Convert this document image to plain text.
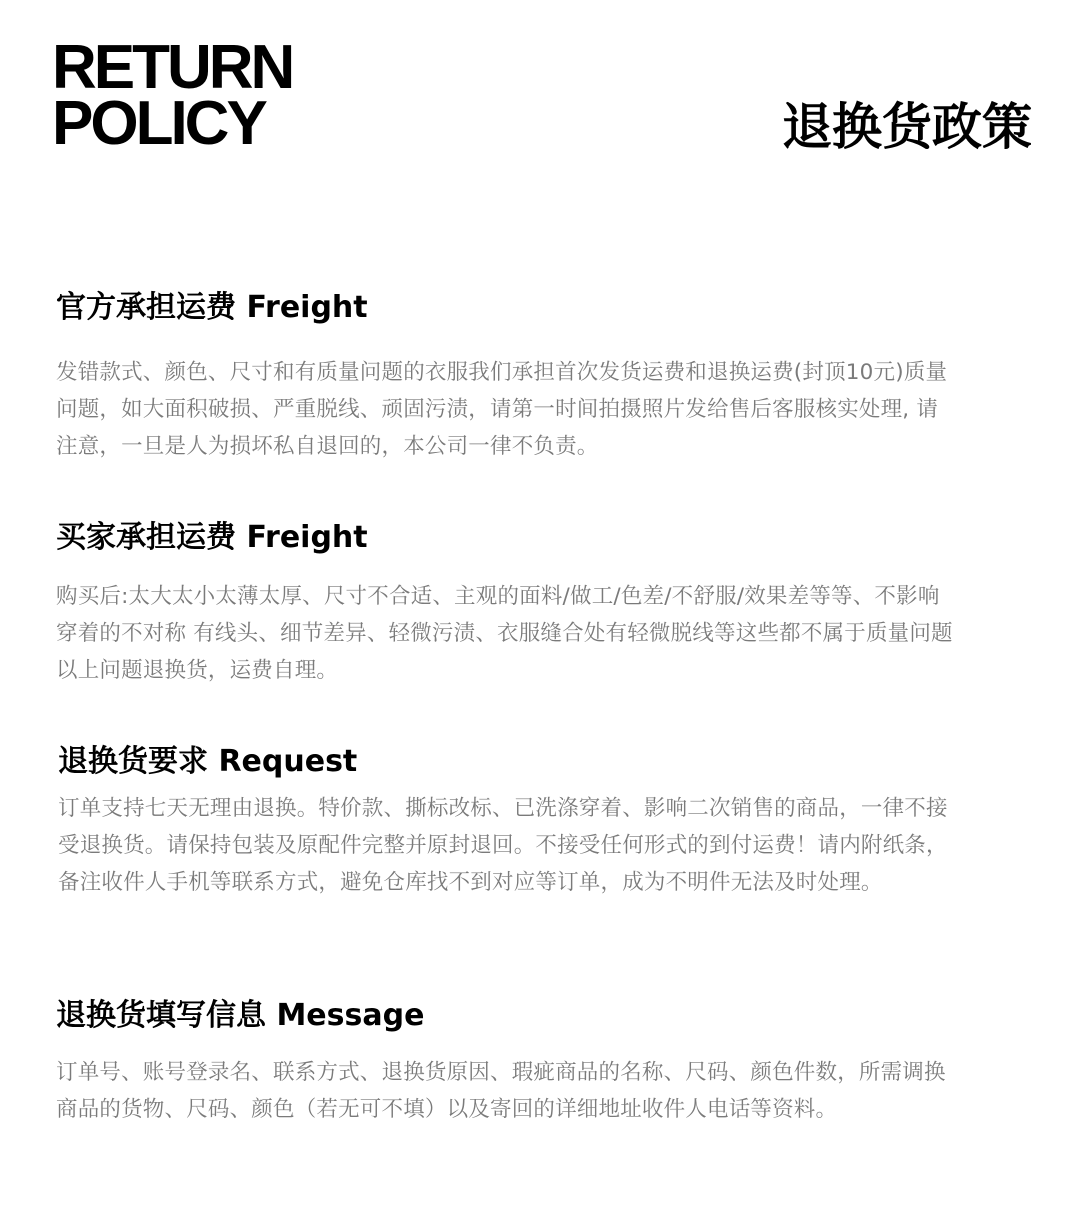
RETURN
POLICY	退换货政策
官方承担运费 Freight

发错款式、颜色、尺寸和有质量问题的衣服我们承担首次发货运费和退换运费(封顶10元)质量
问题，如大面积破损、严重脱线、顽固污渍，请第一时间拍摄照片发给售后客服核实处理, 请
注意，一旦是人为损坏私自退回的，本公司一律不负责。

买家承担运费 Freight

购买后:太大太小太薄太厚、尺寸不合适、主观的面料/做工/色差/不舒服/效果差等等、不影响
穿着的不对称 有线头、细节差异、轻微污渍、衣服缝合处有轻微脱线等这些都不属于质量问题
以上问题退换货，运费自理。

退换货要求 Request

订单支持七天无理由退换。特价款、撕标改标、已洗涤穿着、影响二次销售的商品，一律不接
受退换货。请保持包装及原配件完整并原封退回。不接受任何形式的到付运费！请内附纸条，
备注收件人手机等联系方式，避免仓库找不到对应等订单，成为不明件无法及时处理。

退换货填写信息 Message

订单号、账号登录名、联系方式、退换货原因、瑕疵商品的名称、尺码、颜色件数，所需调换
商品的货物、尺码、颜色（若无可不填）以及寄回的详细地址收件人电话等资料。
